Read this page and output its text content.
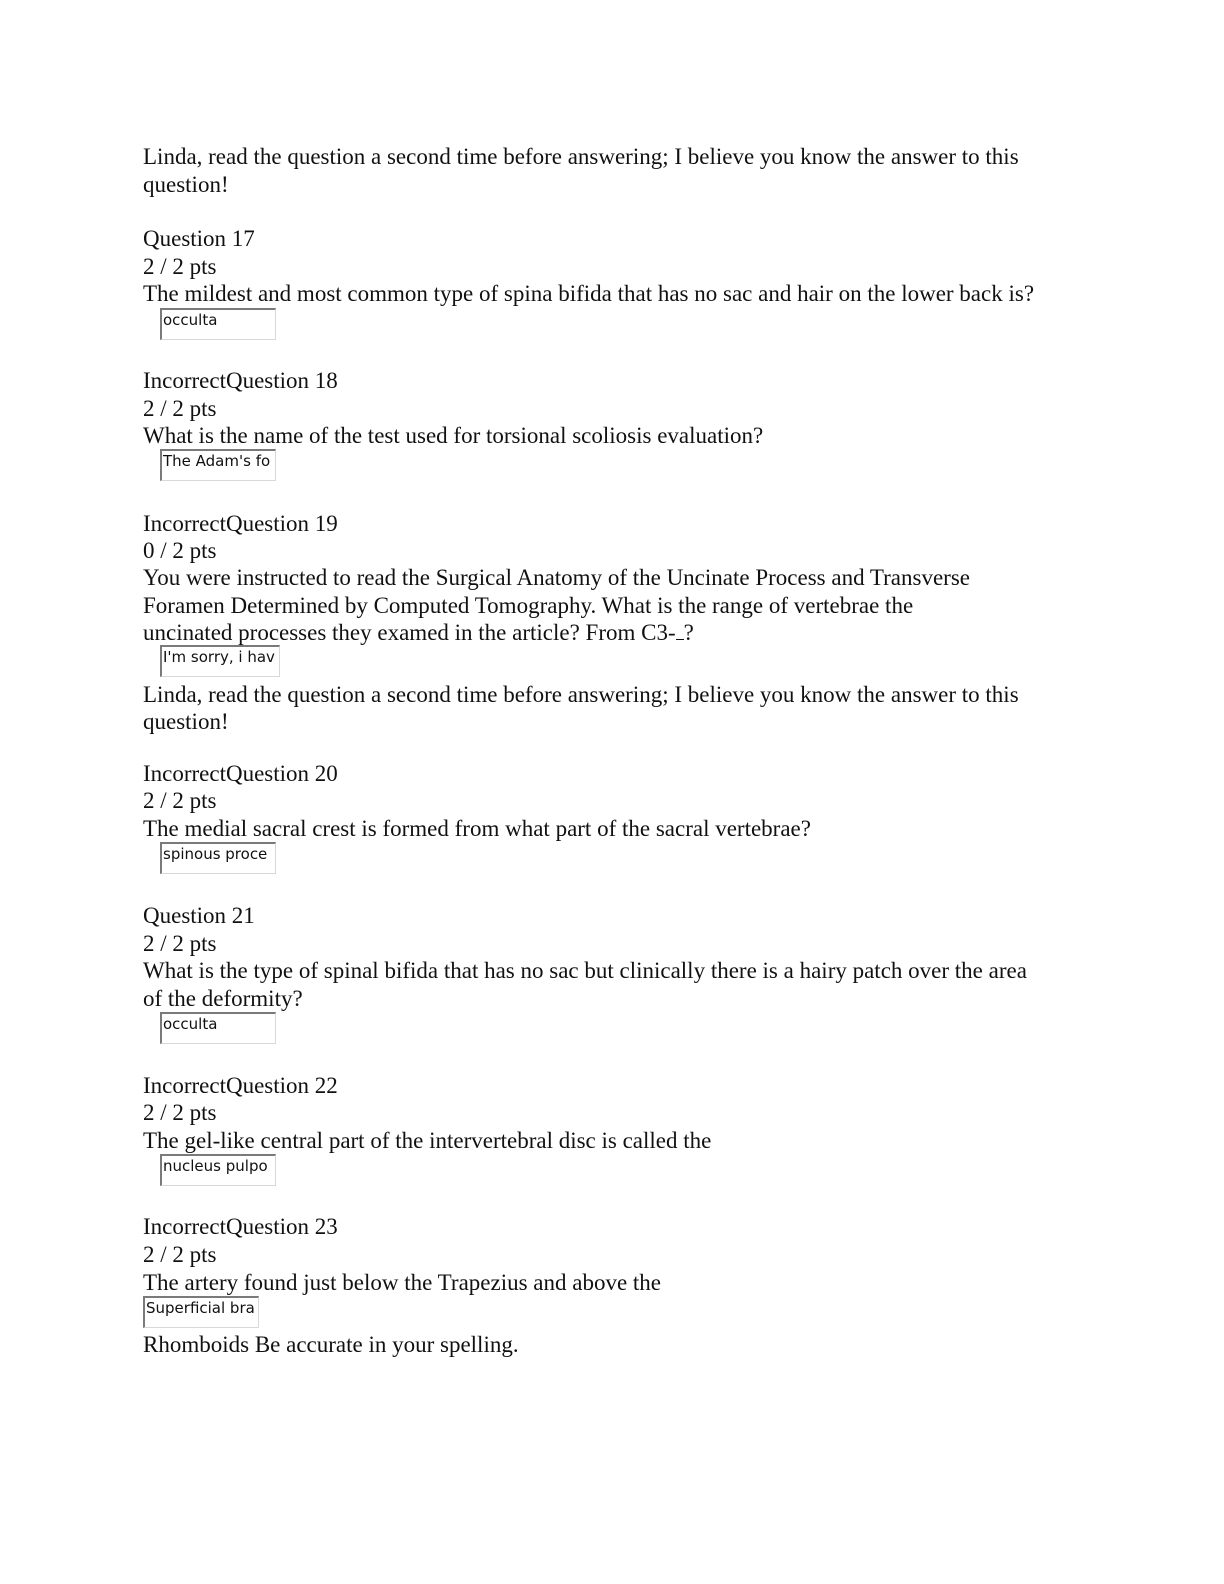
Linda, read the question a second time before answering; I believe you know the answer to this
question!
Question 17
2 / 2 pts
The mildest and most common type of spina bifida that has no sac and hair on the lower back is?
occulta
IncorrectQuestion 18
2 / 2 pts
What is the name of the test used for torsional scoliosis evaluation?
The Adam's fo
IncorrectQuestion 19
0 / 2 pts
You were instructed to read the Surgical Anatomy of the Uncinate Process and Transverse
Foramen Determined by Computed Tomography. What is the range of vertebrae the
uncinated processes they examed in the article? From C3- ?
I'm sorry, i hav
Linda, read the question a second time before answering; I believe you know the answer to this
question!
IncorrectQuestion 20
2 / 2 pts
The medial sacral crest is formed from what part of the sacral vertebrae?
spinous proce
Question 21
2 / 2 pts
What is the type of spinal bifida that has no sac but clinically there is a hairy patch over the area
of the deformity?
occulta
IncorrectQuestion 22
2 / 2 pts
The gel-like central part of the intervertebral disc is called the
nucleus pulpo
IncorrectQuestion 23
2 / 2 pts
The artery found just below the Trapezius and above the
Superficial bra
Rhomboids Be accurate in your spelling.
